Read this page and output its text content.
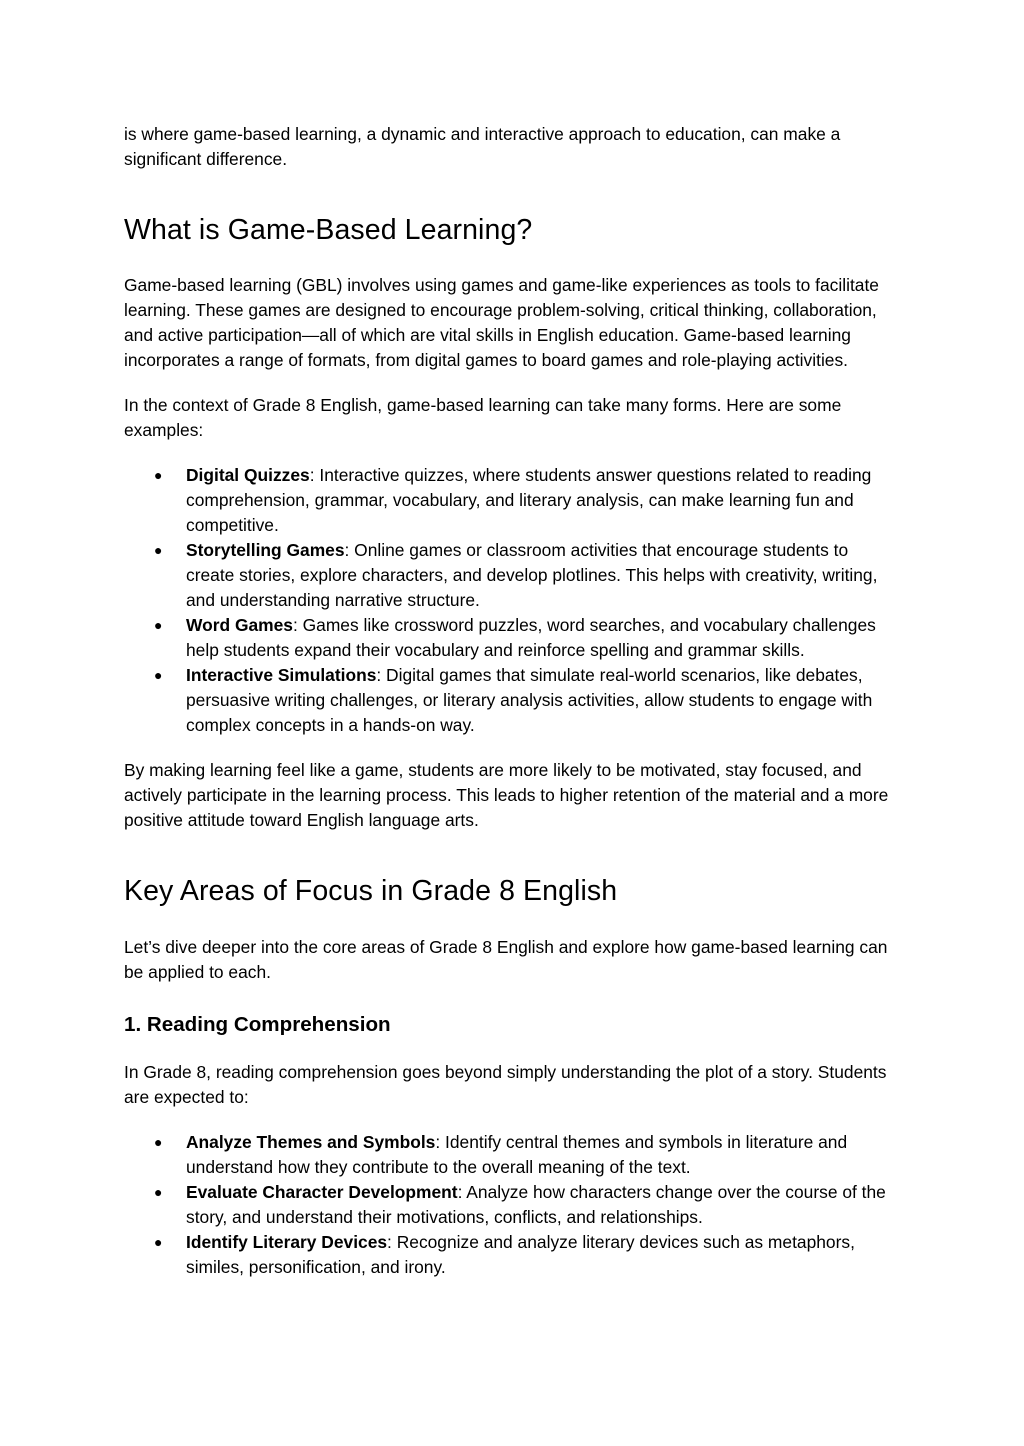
is where game-based learning, a dynamic and interactive approach to education, can make a significant difference.

What is Game-Based Learning?

Game-based learning (GBL) involves using games and game-like experiences as tools to facilitate learning. These games are designed to encourage problem-solving, critical thinking, collaboration, and active participation—all of which are vital skills in English education. Game-based learning incorporates a range of formats, from digital games to board games and role-playing activities.

In the context of Grade 8 English, game-based learning can take many forms. Here are some examples:

● Digital Quizzes: Interactive quizzes, where students answer questions related to reading comprehension, grammar, vocabulary, and literary analysis, can make learning fun and competitive.
● Storytelling Games: Online games or classroom activities that encourage students to create stories, explore characters, and develop plotlines. This helps with creativity, writing, and understanding narrative structure.
● Word Games: Games like crossword puzzles, word searches, and vocabulary challenges help students expand their vocabulary and reinforce spelling and grammar skills.
● Interactive Simulations: Digital games that simulate real-world scenarios, like debates, persuasive writing challenges, or literary analysis activities, allow students to engage with complex concepts in a hands-on way.

By making learning feel like a game, students are more likely to be motivated, stay focused, and actively participate in the learning process. This leads to higher retention of the material and a more positive attitude toward English language arts.

Key Areas of Focus in Grade 8 English

Let’s dive deeper into the core areas of Grade 8 English and explore how game-based learning can be applied to each.

1. Reading Comprehension

In Grade 8, reading comprehension goes beyond simply understanding the plot of a story. Students are expected to:

● Analyze Themes and Symbols: Identify central themes and symbols in literature and understand how they contribute to the overall meaning of the text.
● Evaluate Character Development: Analyze how characters change over the course of the story, and understand their motivations, conflicts, and relationships.
● Identify Literary Devices: Recognize and analyze literary devices such as metaphors, similes, personification, and irony.
